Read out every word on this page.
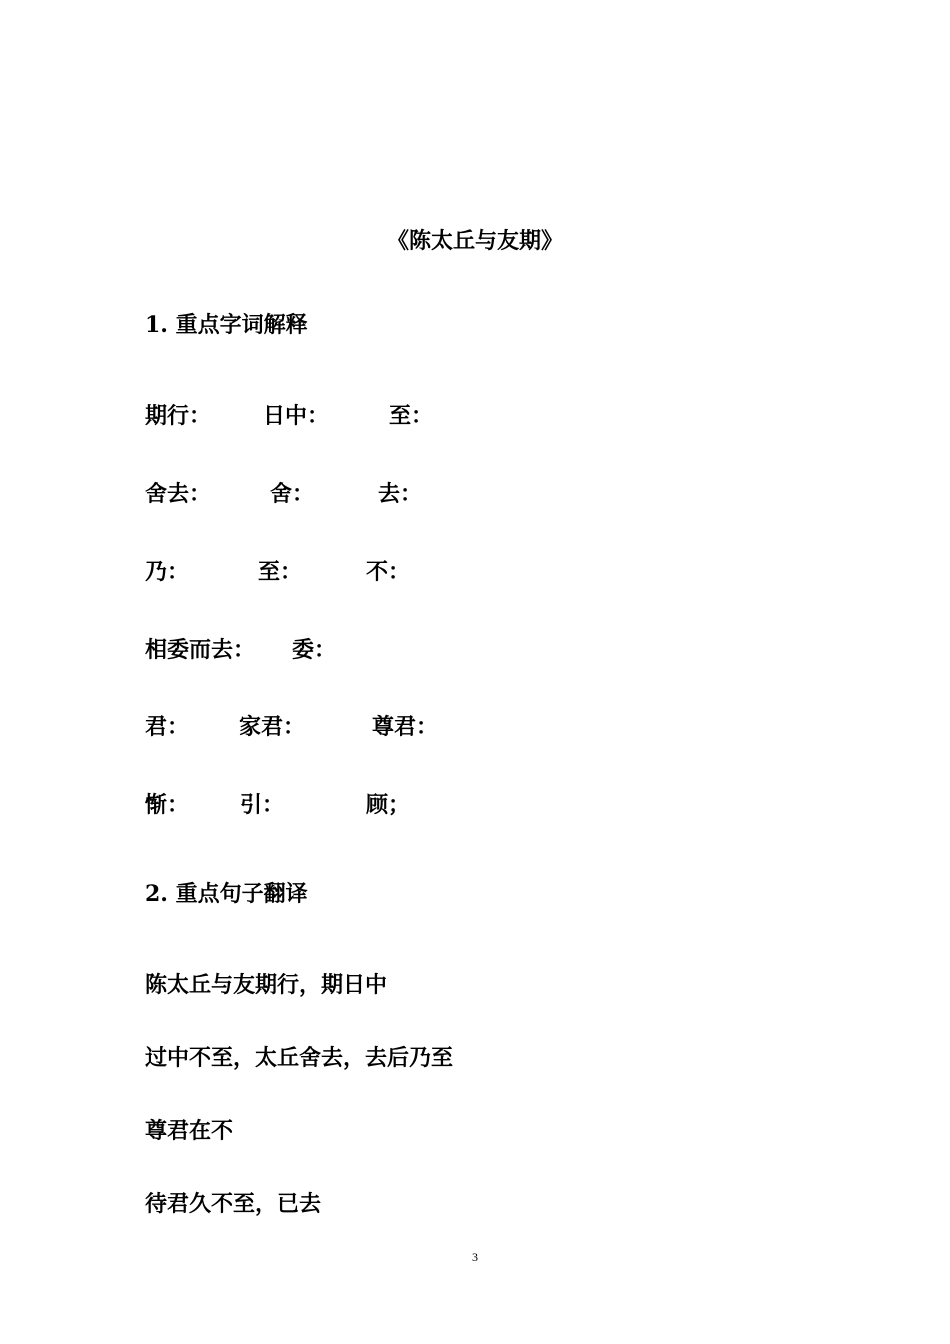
《陈太丘与友期》
1. 重点字词解释
期行： 日中：	至：
舍去：	舍：	去：
乃：	至：	不：
相委而去： 委：
君： 家君：	尊君：
惭： 引：	顾；
2. 重点句子翻译
陈太丘与友期行，期日中
过中不至，太丘舍去，去后乃至
尊君在不
待君久不至，已去
3
